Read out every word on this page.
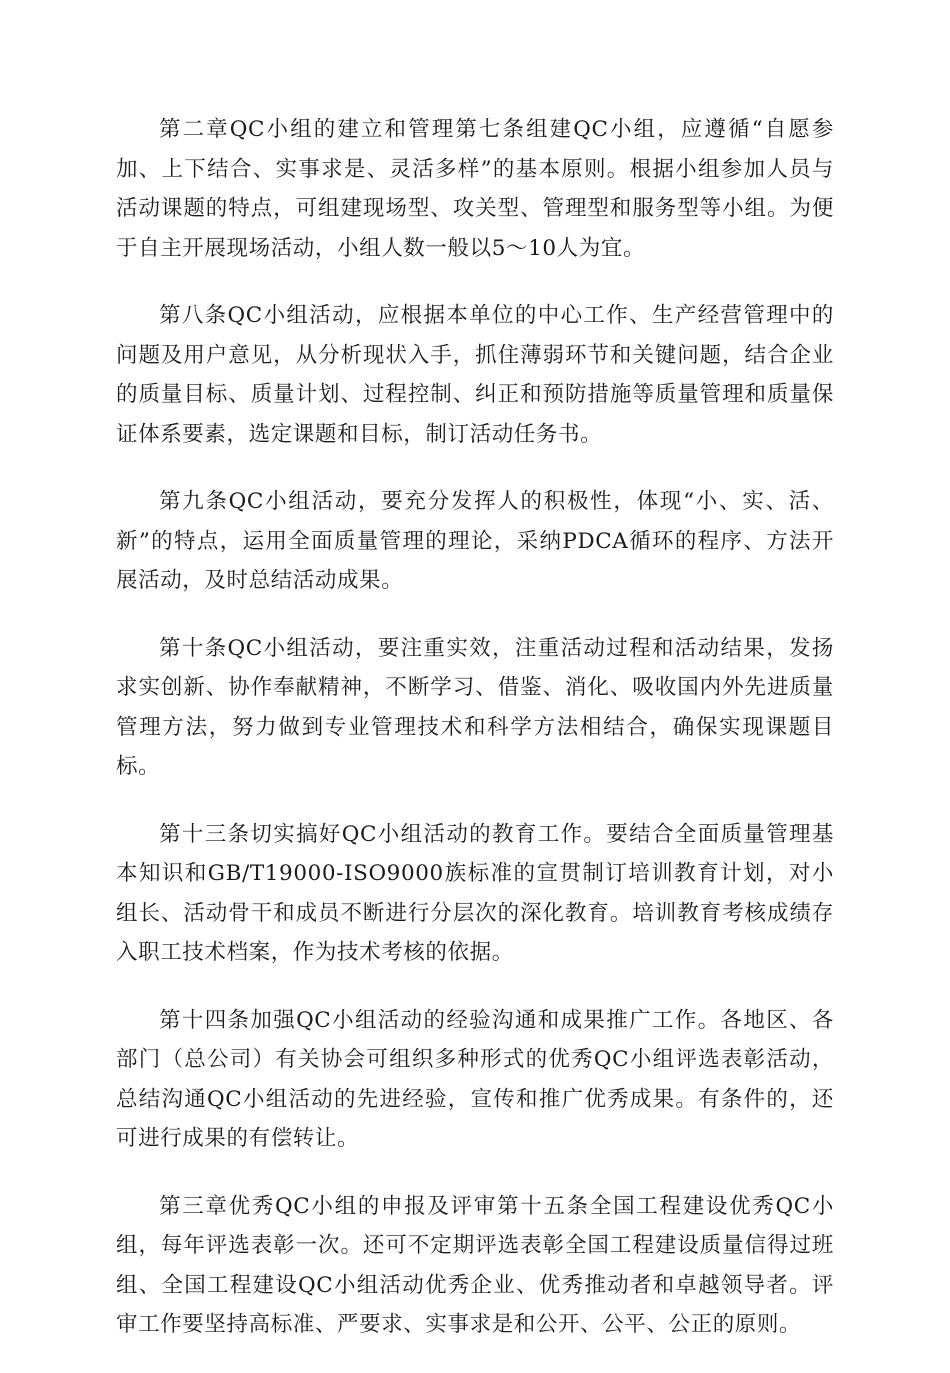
第二章QC小组的建立和管理第七条组建QC小组，应遵循“自愿参加、上下结合、实事求是、灵活多样”的基本原则。根据小组参加人员与活动课题的特点，可组建现场型、攻关型、管理型和服务型等小组。为便于自主开展现场活动，小组人数一般以5～10人为宜。

第八条QC小组活动，应根据本单位的中心工作、生产经营管理中的问题及用户意见，从分析现状入手，抓住薄弱环节和关键问题，结合企业的质量目标、质量计划、过程控制、纠正和预防措施等质量管理和质量保证体系要素，选定课题和目标，制订活动任务书。

第九条QC小组活动，要充分发挥人的积极性，体现“小、实、活、新”的特点，运用全面质量管理的理论，采纳PDCA循环的程序、方法开展活动，及时总结活动成果。

第十条QC小组活动，要注重实效，注重活动过程和活动结果，发扬求实创新、协作奉献精神，不断学习、借鉴、消化、吸收国内外先进质量管理方法，努力做到专业管理技术和科学方法相结合，确保实现课题目标。

第十三条切实搞好QC小组活动的教育工作。要结合全面质量管理基本知识和GB/T19000-ISO9000族标准的宣贯制订培训教育计划，对小组长、活动骨干和成员不断进行分层次的深化教育。培训教育考核成绩存入职工技术档案，作为技术考核的依据。

第十四条加强QC小组活动的经验沟通和成果推广工作。各地区、各部门（总公司）有关协会可组织多种形式的优秀QC小组评选表彰活动，总结沟通QC小组活动的先进经验，宣传和推广优秀成果。有条件的，还可进行成果的有偿转让。

第三章优秀QC小组的申报及评审第十五条全国工程建设优秀QC小组，每年评选表彰一次。还可不定期评选表彰全国工程建设质量信得过班组、全国工程建设QC小组活动优秀企业、优秀推动者和卓越领导者。评审工作要坚持高标准、严要求、实事求是和公开、公平、公正的原则。
